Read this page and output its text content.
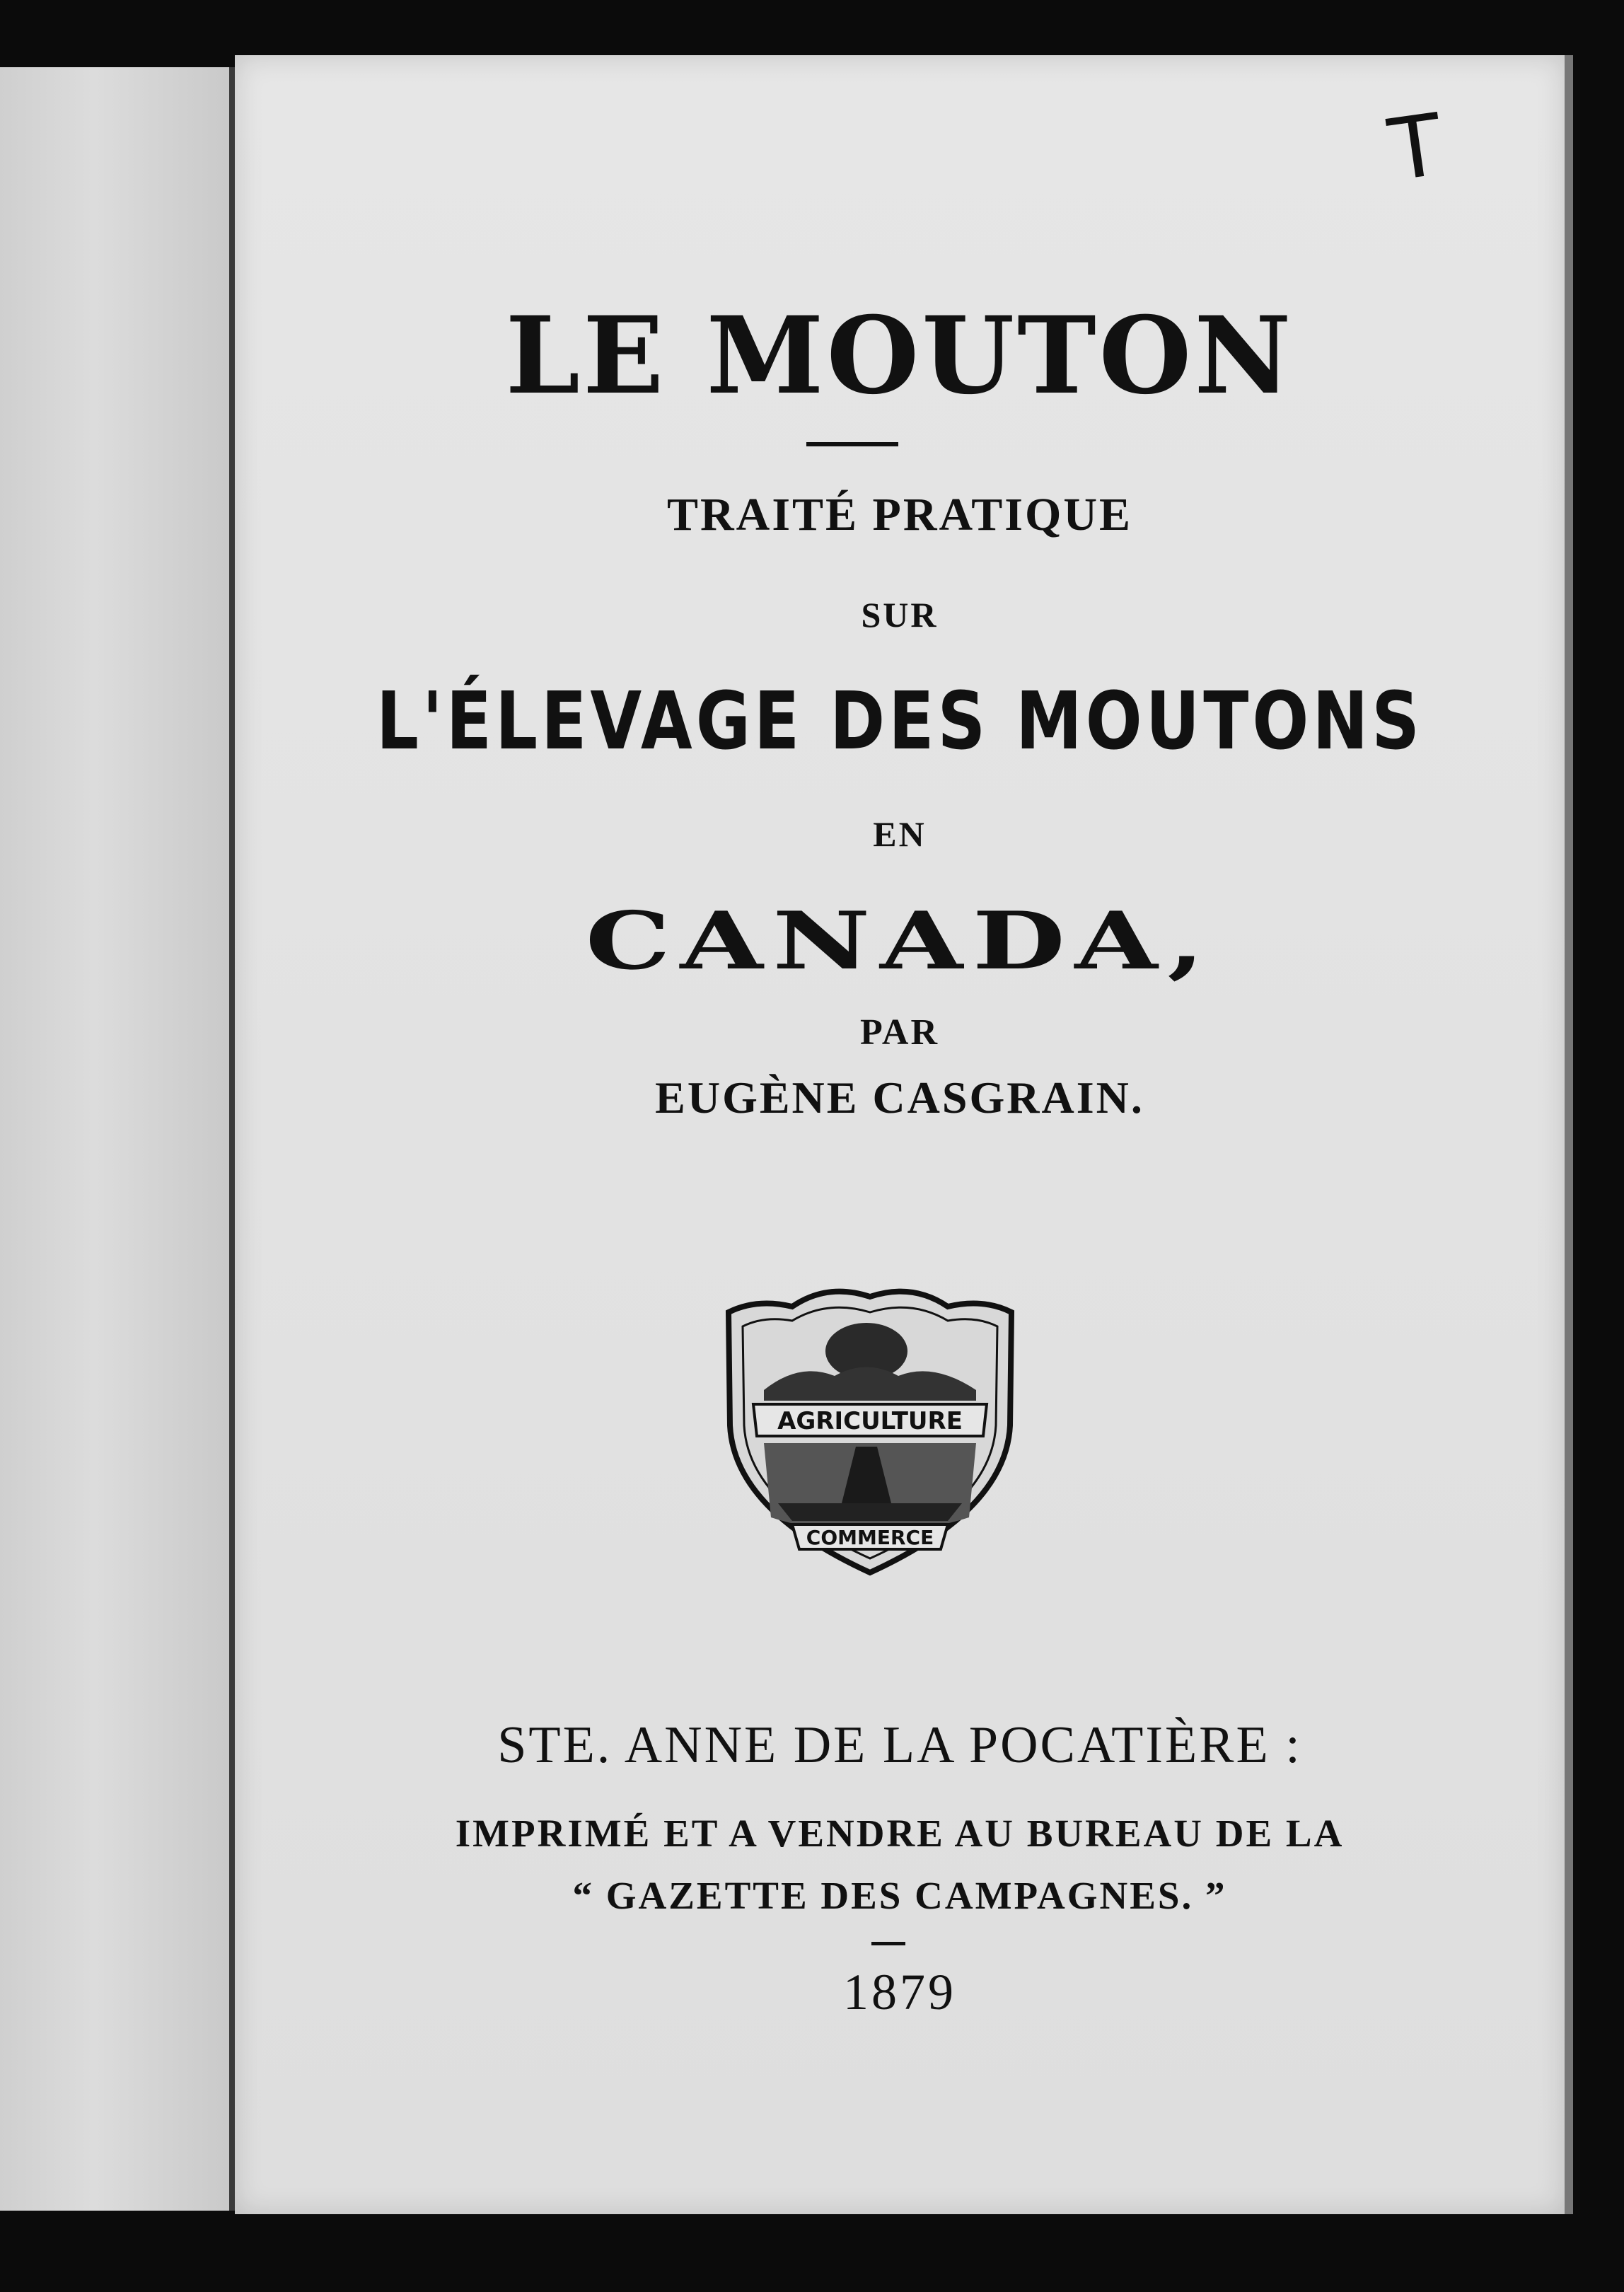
T
LE MOUTON
TRAITÉ PRATIQUE
SUR
L'ÉLEVAGE DES MOUTONS
EN
CANADA,
PAR
EUGÈNE CASGRAIN.
AGRICULTURE
COMMERCE
STE. ANNE DE LA POCATIÈRE :
IMPRIMÉ ET A VENDRE AU BUREAU DE LA
“ GAZETTE DES CAMPAGNES. ”
1879
